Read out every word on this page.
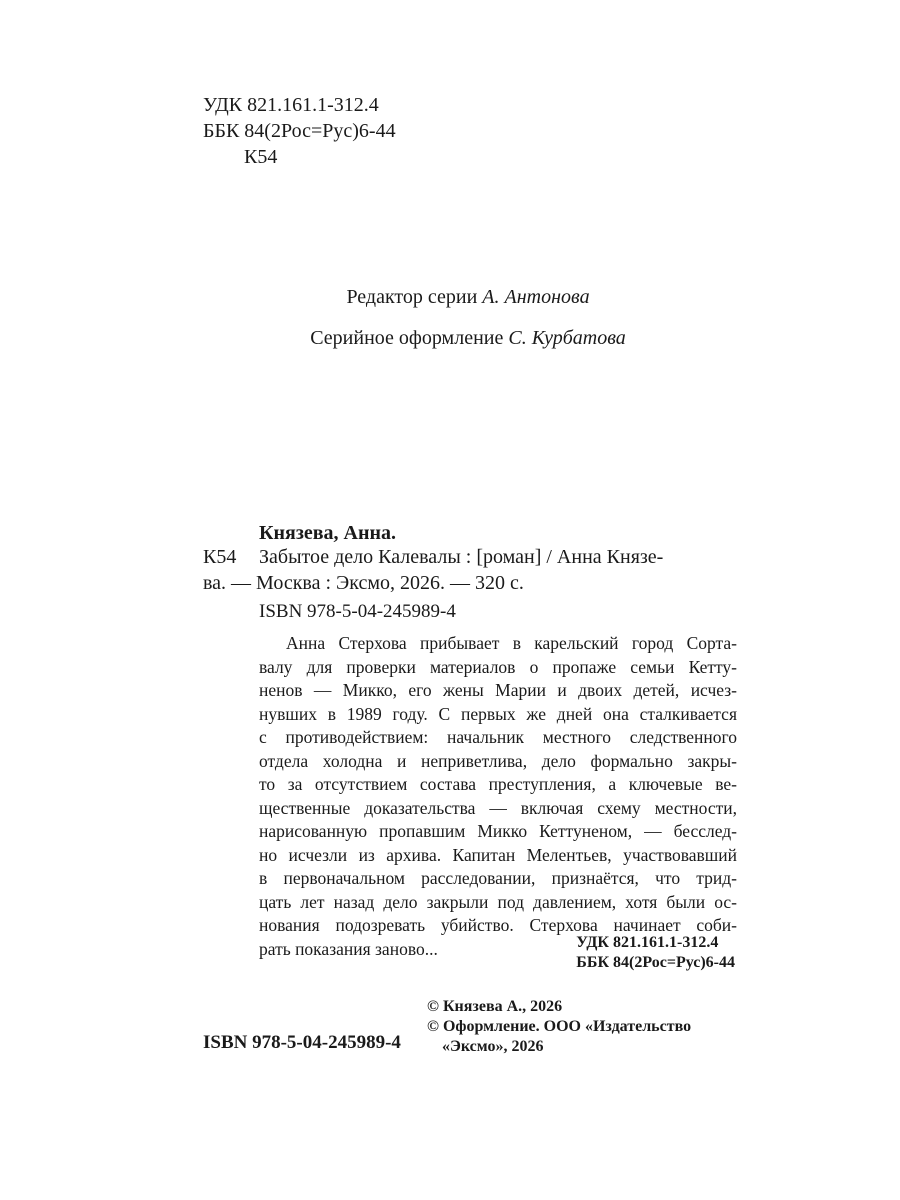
УДК 821.161.1-312.4
ББК 84(2Рос=Рус)6-44
К54
Редактор серии А. Антонова
Серийное оформление С. Курбатова
Князева, Анна.
К54 Забытое дело Калевалы : [роман] / Анна Князе-
ва. — Москва : Эксмо, 2026. — 320 с.
ISBN 978-5-04-245989-4
Анна Стерхова прибывает в карельский город Сорта-
валу для проверки материалов о пропаже семьи Кетту-
ненов — Микко, его жены Марии и двоих детей, исчез-
нувших в 1989 году. С первых же дней она сталкивается
с противодействием: начальник местного следственного
отдела холодна и неприветлива, дело формально закры-
то за отсутствием состава преступления, а ключевые ве-
щественные доказательства — включая схему местности,
нарисованную пропавшим Микко Кеттуненом, — бесслед-
но исчезли из архива. Капитан Мелентьев, участвовавший
в первоначальном расследовании, признаётся, что трид-
цать лет назад дело закрыли под давлением, хотя были ос-
нования подозревать убийство. Стерхова начинает соби-
рать показания заново...	УДК 821.161.1-312.4
ББК 84(2Рос=Рус)6-44
© Князева А., 2026
© Оформление. ООО «Издательство
«Эксмо», 2026
ISBN 978-5-04-245989-4
